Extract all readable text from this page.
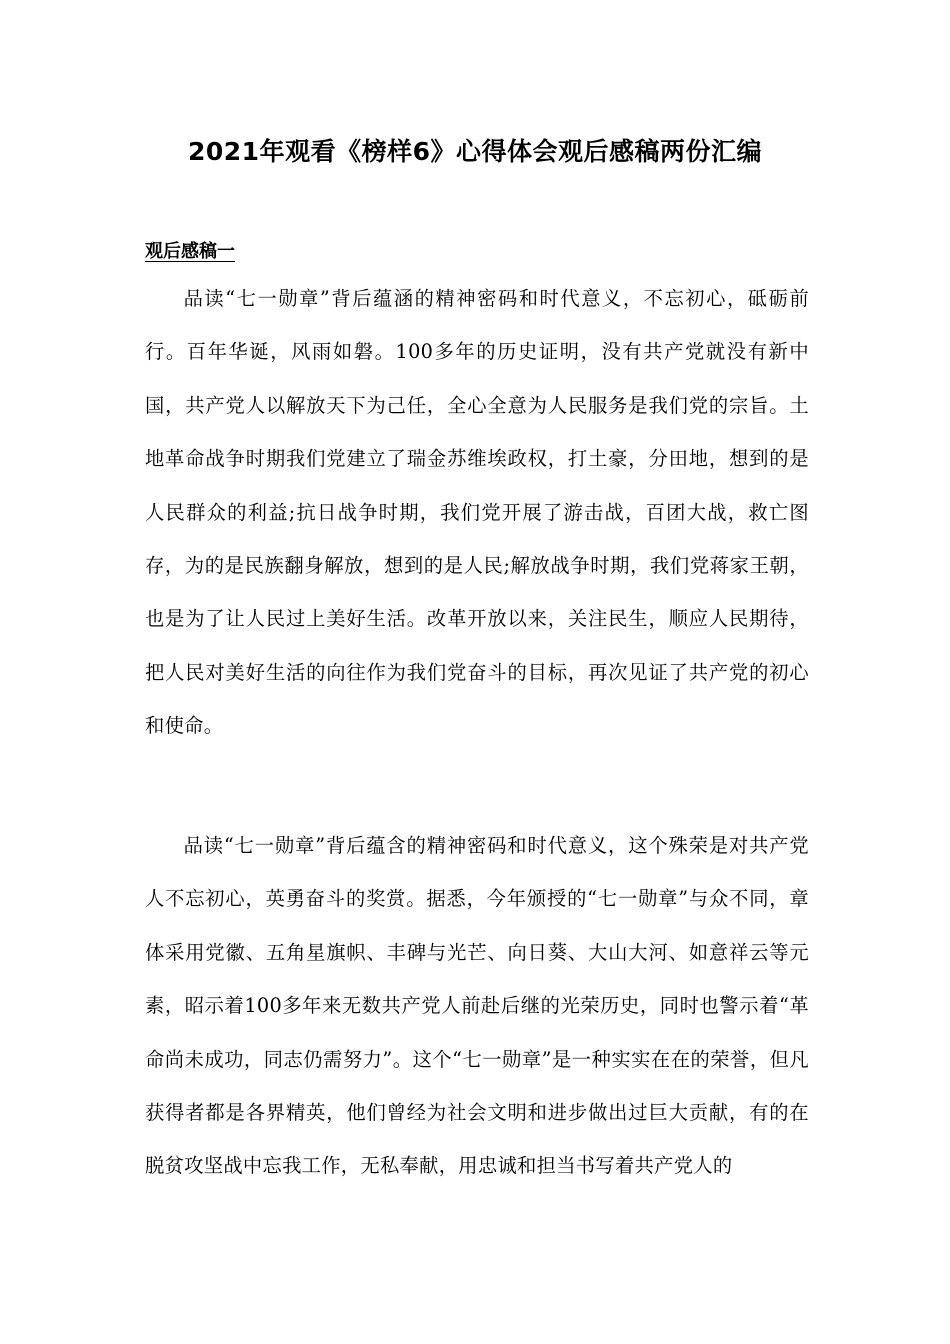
2021年观看《榜样6》心得体会观后感稿两份汇编
观后感稿一

品读“七一勋章”背后蕴涵的精神密码和时代意义，不忘初心，砥砺前行。百年华诞，风雨如磐。100多年的历史证明，没有共产党就没有新中国，共产党人以解放天下为己任，全心全意为人民服务是我们党的宗旨。土地革命战争时期我们党建立了瑞金苏维埃政权，打土豪，分田地，想到的是人民群众的利益;抗日战争时期，我们党开展了游击战，百团大战，救亡图存，为的是民族翻身解放，想到的是人民;解放战争时期，我们党蒋家王朝，也是为了让人民过上美好生活。改革开放以来，关注民生，顺应人民期待，把人民对美好生活的向往作为我们党奋斗的目标，再次见证了共产党的初心和使命。

品读“七一勋章”背后蕴含的精神密码和时代意义，这个殊荣是对共产党人不忘初心，英勇奋斗的奖赏。据悉，今年颁授的“七一勋章”与众不同，章体采用党徽、五角星旗帜、丰碑与光芒、向日葵、大山大河、如意祥云等元素，昭示着100多年来无数共产党人前赴后继的光荣历史，同时也警示着“革命尚未成功，同志仍需努力”。这个“七一勋章”是一种实实在在的荣誉，但凡获得者都是各界精英，他们曾经为社会文明和进步做出过巨大贡献，有的在脱贫攻坚战中忘我工作，无私奉献，用忠诚和担当书写着共产党人的
